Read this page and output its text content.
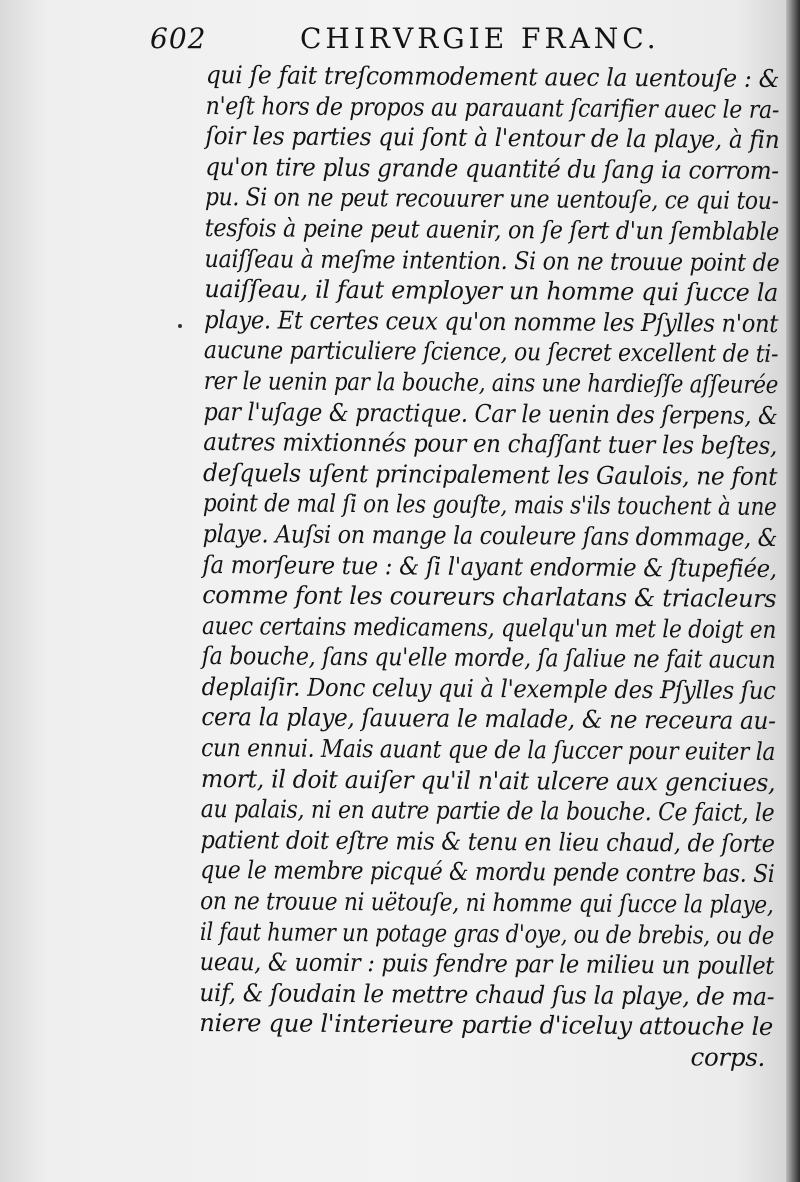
602	CHIRVRGIE FRANC.
qui ſe fait treſcommodement auec la uentouſe : &
n'eſt hors de propos au parauant ſcarifier auec le ra-
ſoir les parties qui ſont à l'entour de la playe, à fin
qu'on tire plus grande quantité du ſang ia corrom-
pu. Si on ne peut recouurer une uentouſe, ce qui tou-
tesfois à peine peut auenir, on ſe ſert d'un ſemblable
uaiſſeau à meſme intention. Si on ne trouue point de
uaiſſeau, il faut employer un homme qui ſucce la
playe. Et certes ceux qu'on nomme les Pſylles n'ont
aucune particuliere ſcience, ou ſecret excellent de ti-
rer le uenin par la bouche, ains une hardieſſe aſſeurée
par l'uſage & practique. Car le uenin des ſerpens, &
autres mixtionnés pour en chaſſant tuer les beſtes,
deſquels uſent principalement les Gaulois, ne font
point de mal ſi on les gouſte, mais s'ils touchent à une
playe. Auſsi on mange la couleure ſans dommage, &
ſa morſeure tue : & ſi l'ayant endormie & ſtupefiée,
comme font les coureurs charlatans & triacleurs
auec certains medicamens, quelqu'un met le doigt en
ſa bouche, ſans qu'elle morde, ſa ſaliue ne fait aucun
deplaiſir. Donc celuy qui à l'exemple des Pſylles ſuc
cera la playe, ſauuera le malade, & ne receura au-
cun ennui. Mais auant que de la ſuccer pour euiter la
mort, il doit auiſer qu'il n'ait ulcere aux genciues,
au palais, ni en autre partie de la bouche. Ce faict, le
patient doit eſtre mis & tenu en lieu chaud, de ſorte
que le membre picqué & mordu pende contre bas. Si
on ne trouue ni uëtouſe, ni homme qui ſucce la playe,
il faut humer un potage gras d'oye, ou de brebis, ou de
ueau, & uomir : puis fendre par le milieu un poullet
uif, & ſoudain le mettre chaud ſus la playe, de ma-
niere que l'interieure partie d'iceluy attouche le
corps.
